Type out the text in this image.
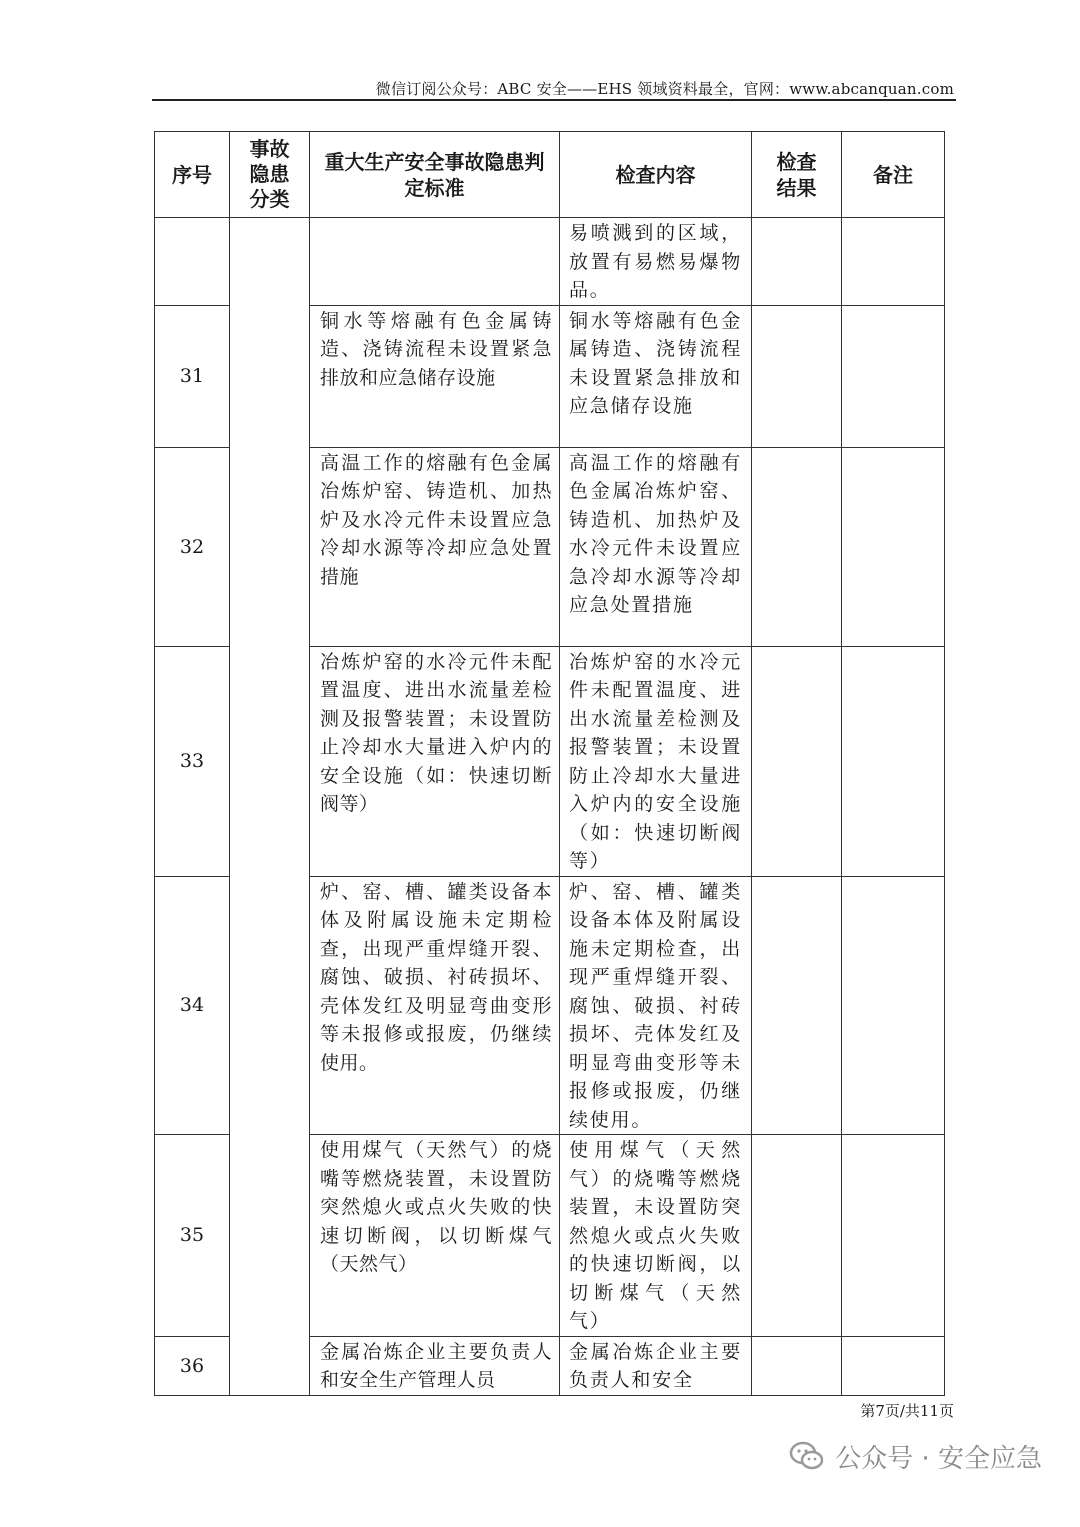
微信订阅公众号：ABC 安全——EHS 领域资料最全，官网：www.abcanquan.com
序号	事故隐患分类	重大生产安全事故隐患判定标准	检查内容	检查结果	备注
			易喷溅到的区域，放置有易燃易爆物品。		
31		铜水等熔融有色金属铸造、浇铸流程未设置紧急排放和应急储存设施	铜水等熔融有色金属铸造、浇铸流程未设置紧急排放和应急储存设施		
32		高温工作的熔融有色金属冶炼炉窑、铸造机、加热炉及水冷元件未设置应急冷却水源等冷却应急处置措施	高温工作的熔融有色金属冶炼炉窑、铸造机、加热炉及水冷元件未设置应急冷却水源等冷却应急处置措施		
33		冶炼炉窑的水冷元件未配置温度、进出水流量差检测及报警装置；未设置防止冷却水大量进入炉内的安全设施（如：快速切断阀等）	冶炼炉窑的水冷元件未配置温度、进出水流量差检测及报警装置；未设置防止冷却水大量进入炉内的安全设施（如：快速切断阀等）		
34		炉、窑、槽、罐类设备本体及附属设施未定期检查，出现严重焊缝开裂、腐蚀、破损、衬砖损坏、壳体发红及明显弯曲变形等未报修或报废，仍继续使用。	炉、窑、槽、罐类设备本体及附属设施未定期检查，出现严重焊缝开裂、腐蚀、破损、衬砖损坏、壳体发红及明显弯曲变形等未报修或报废，仍继续使用。		
35		使用煤气（天然气）的烧嘴等燃烧装置，未设置防突然熄火或点火失败的快速切断阀，以切断煤气（天然气）	使用煤气（天然气）的烧嘴等燃烧装置，未设置防突然熄火或点火失败的快速切断阀，以切断煤气（天然气）		
36		金属冶炼企业主要负责人和安全生产管理人员	金属冶炼企业主要负责人和安全		
第7页/共11页
公众号 · 安全应急
